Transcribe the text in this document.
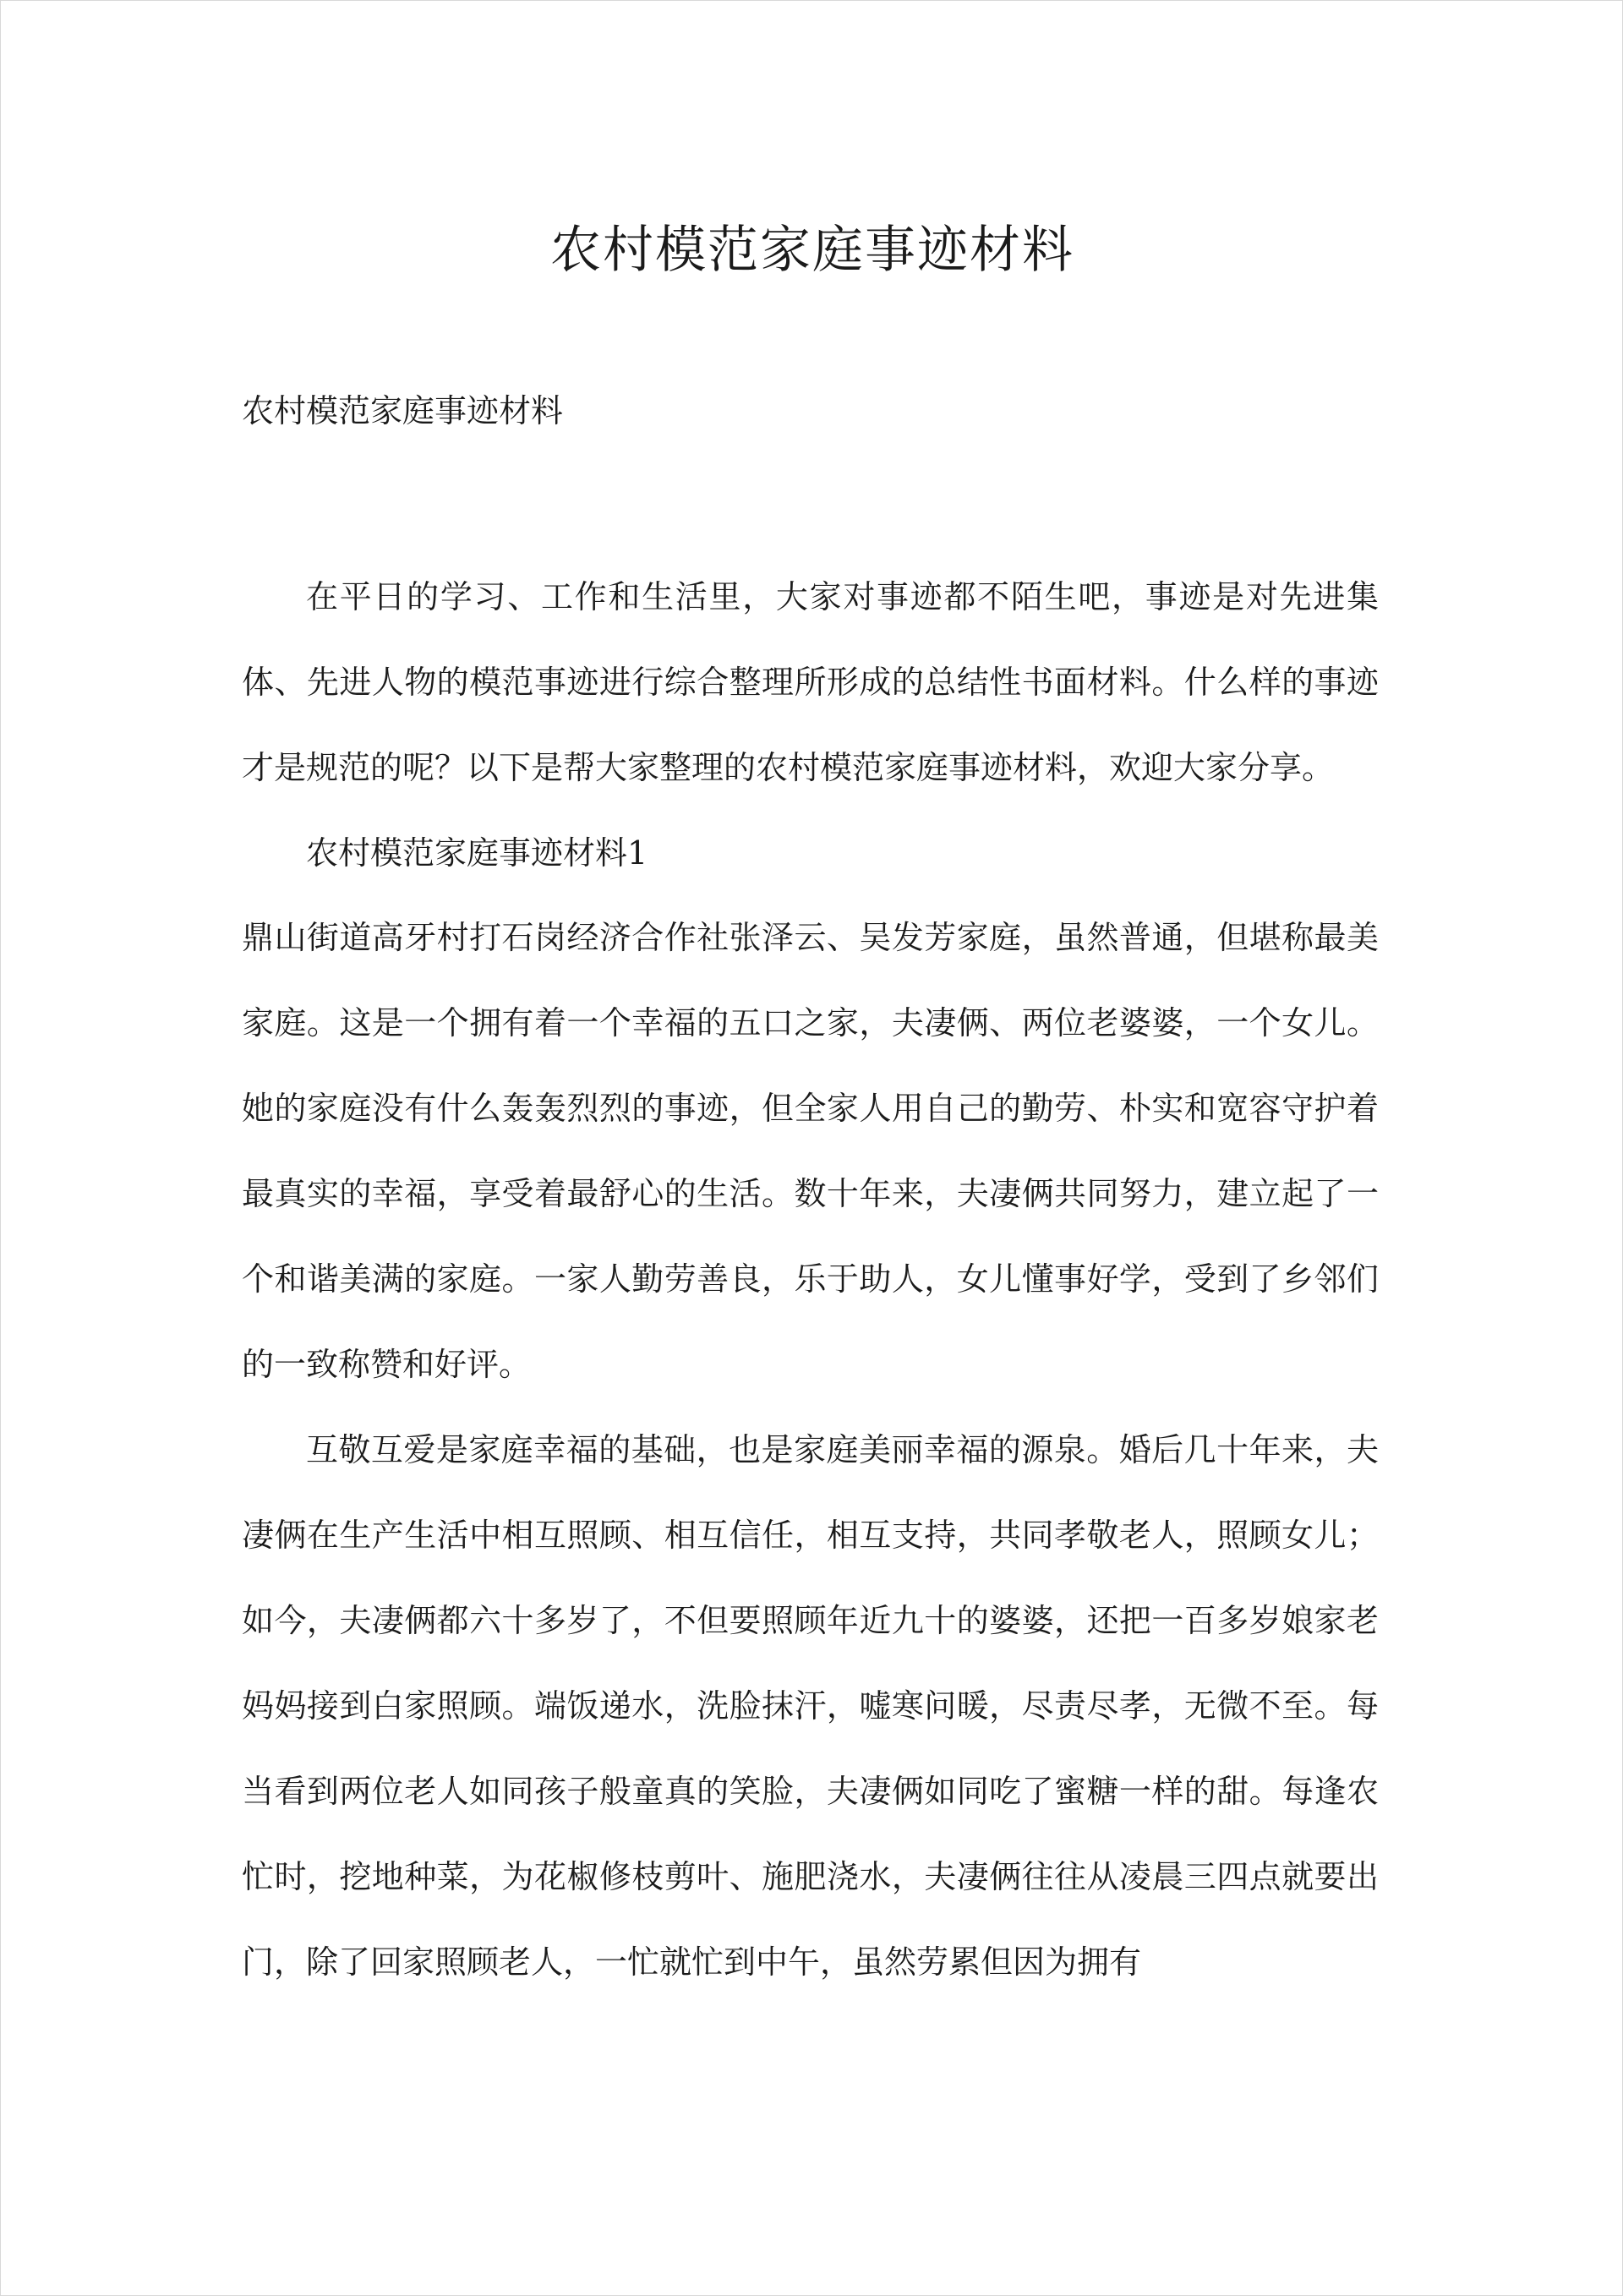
农村模范家庭事迹材料
农村模范家庭事迹材料

在平日的学习、工作和生活里，大家对事迹都不陌生吧，事迹是对先进集体、先进人物的模范事迹进行综合整理所形成的总结性书面材料。什么样的事迹才是规范的呢？以下是帮大家整理的农村模范家庭事迹材料，欢迎大家分享。

农村模范家庭事迹材料1

鼎山街道高牙村打石岗经济合作社张泽云、吴发芳家庭，虽然普通，但堪称最美家庭。这是一个拥有着一个幸福的五口之家，夫凄俩、两位老婆婆，一个女儿。她的家庭没有什么轰轰烈烈的事迹，但全家人用自己的勤劳、朴实和宽容守护着最真实的幸福，享受着最舒心的生活。数十年来，夫凄俩共同努力，建立起了一个和谐美满的家庭。一家人勤劳善良，乐于助人，女儿懂事好学，受到了乡邻们的一致称赞和好评。

互敬互爱是家庭幸福的基础，也是家庭美丽幸福的源泉。婚后几十年来，夫凄俩在生产生活中相互照顾、相互信任，相互支持，共同孝敬老人，照顾女儿；如今，夫凄俩都六十多岁了，不但要照顾年近九十的婆婆，还把一百多岁娘家老妈妈接到白家照顾。端饭递水，洗脸抹汗，嘘寒问暖，尽责尽孝，无微不至。每当看到两位老人如同孩子般童真的笑脸，夫凄俩如同吃了蜜糖一样的甜。每逢农忙时，挖地种菜，为花椒修枝剪叶、施肥浇水，夫凄俩往往从凌晨三四点就要出门，除了回家照顾老人，一忙就忙到中午，虽然劳累但因为拥有
